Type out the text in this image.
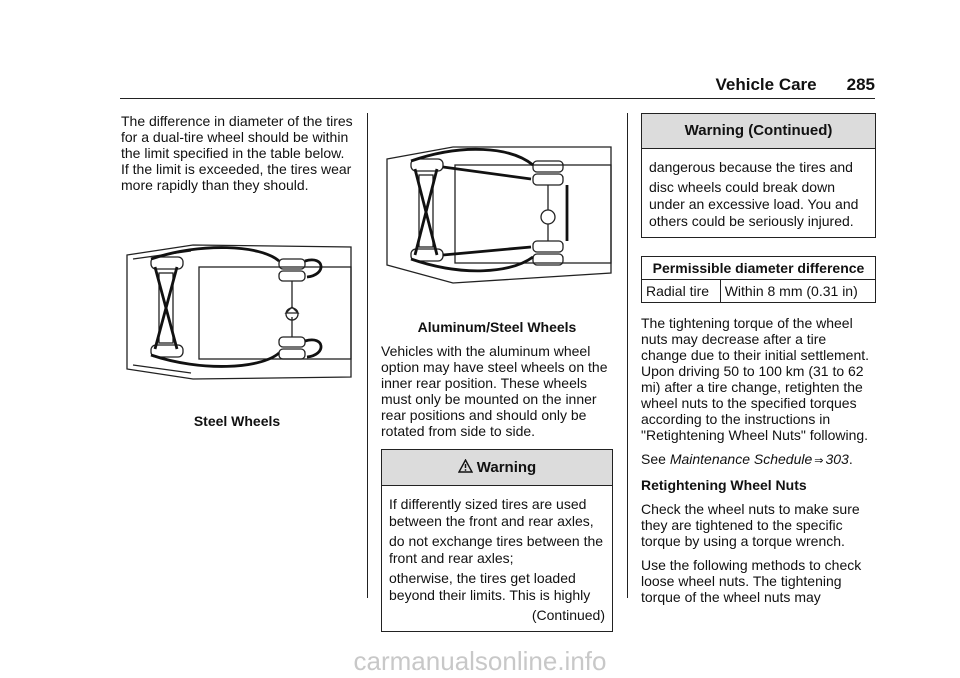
Vehicle Care 285

The difference in diameter of the tires for a dual-tire wheel should be within the limit specified in the table below. If the limit is exceeded, the tires wear more rapidly than they should.

Steel Wheels

Aluminum/Steel Wheels

Vehicles with the aluminum wheel option may have steel wheels on the inner rear position. These wheels must only be mounted on the inner rear positions and should only be rotated from side to side.

Warning

If differently sized tires are used between the front and rear axles,

do not exchange tires between the front and rear axles;

otherwise, the tires get loaded beyond their limits. This is highly

(Continued)

Warning (Continued)

dangerous because the tires and

disc wheels could break down under an excessive load. You and others could be seriously injured.

Permissible diameter difference
Radial tire	Within 8 mm (0.31 in)

The tightening torque of the wheel nuts may decrease after a tire change due to their initial settlement. Upon driving 50 to 100 km (31 to 62 mi) after a tire change, retighten the wheel nuts to the specified torques according to the instructions in "Retightening Wheel Nuts" following.

See Maintenance Schedule ⇒ 303.

Retightening Wheel Nuts

Check the wheel nuts to make sure they are tightened to the specific torque by using a torque wrench.

Use the following methods to check loose wheel nuts. The tightening torque of the wheel nuts may

carmanualsonline.info
